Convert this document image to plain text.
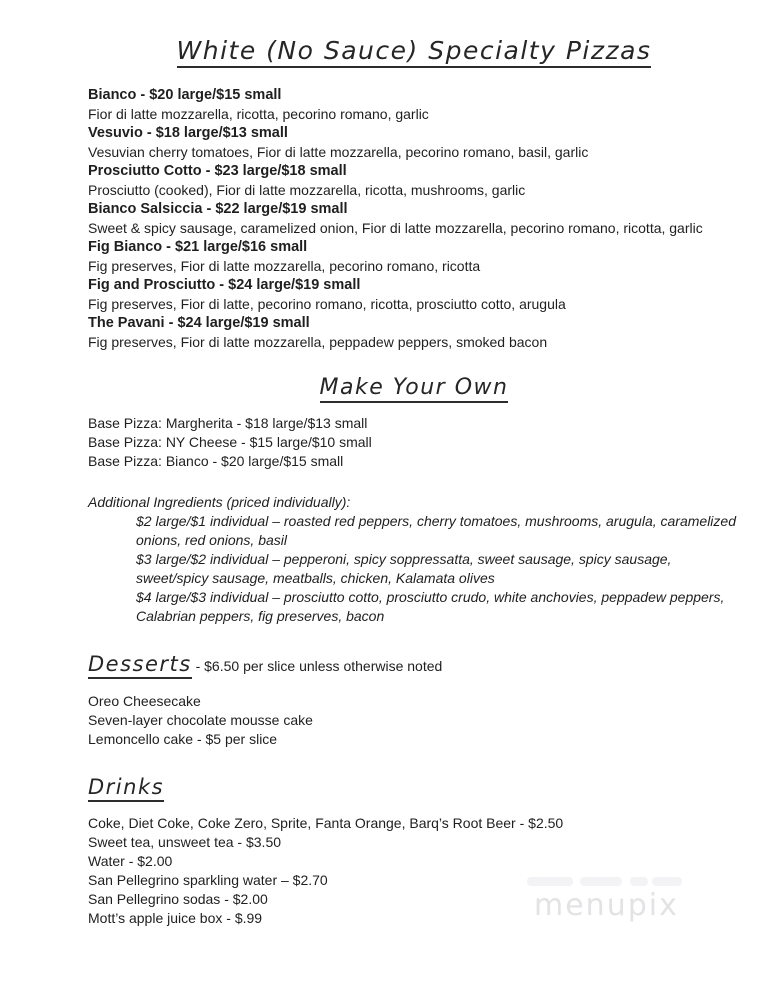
White (No Sauce) Specialty Pizzas
Bianco - $20 large/$15 small
Fior di latte mozzarella, ricotta, pecorino romano, garlic
Vesuvio - $18 large/$13 small
Vesuvian cherry tomatoes, Fior di latte mozzarella, pecorino romano, basil, garlic
Prosciutto Cotto - $23 large/$18 small
Prosciutto (cooked), Fior di latte mozzarella, ricotta, mushrooms, garlic
Bianco Salsiccia - $22 large/$19 small
Sweet & spicy sausage, caramelized onion, Fior di latte mozzarella, pecorino romano, ricotta, garlic
Fig Bianco - $21 large/$16 small
Fig preserves, Fior di latte mozzarella, pecorino romano, ricotta
Fig and Prosciutto - $24 large/$19 small
Fig preserves, Fior di latte, pecorino romano, ricotta, prosciutto cotto, arugula
The Pavani - $24 large/$19 small
Fig preserves, Fior di latte mozzarella, peppadew peppers, smoked bacon
Make Your Own
Base Pizza: Margherita - $18 large/$13 small
Base Pizza: NY Cheese - $15 large/$10 small
Base Pizza: Bianco - $20 large/$15 small
Additional Ingredients (priced individually):
$2 large/$1 individual – roasted red peppers, cherry tomatoes, mushrooms, arugula, caramelized onions, red onions, basil
$3 large/$2 individual – pepperoni, spicy soppressatta, sweet sausage, spicy sausage, sweet/spicy sausage, meatballs, chicken, Kalamata olives
$4 large/$3 individual – prosciutto cotto, prosciutto crudo, white anchovies, peppadew peppers, Calabrian peppers, fig preserves, bacon
Desserts - $6.50 per slice unless otherwise noted
Oreo Cheesecake
Seven-layer chocolate mousse cake
Lemoncello cake - $5 per slice
Drinks
Coke, Diet Coke, Coke Zero, Sprite, Fanta Orange, Barq’s Root Beer - $2.50
Sweet tea, unsweet tea - $3.50
Water - $2.00
San Pellegrino sparkling water – $2.70
San Pellegrino sodas - $2.00
Mott’s apple juice box - $.99	menupix
